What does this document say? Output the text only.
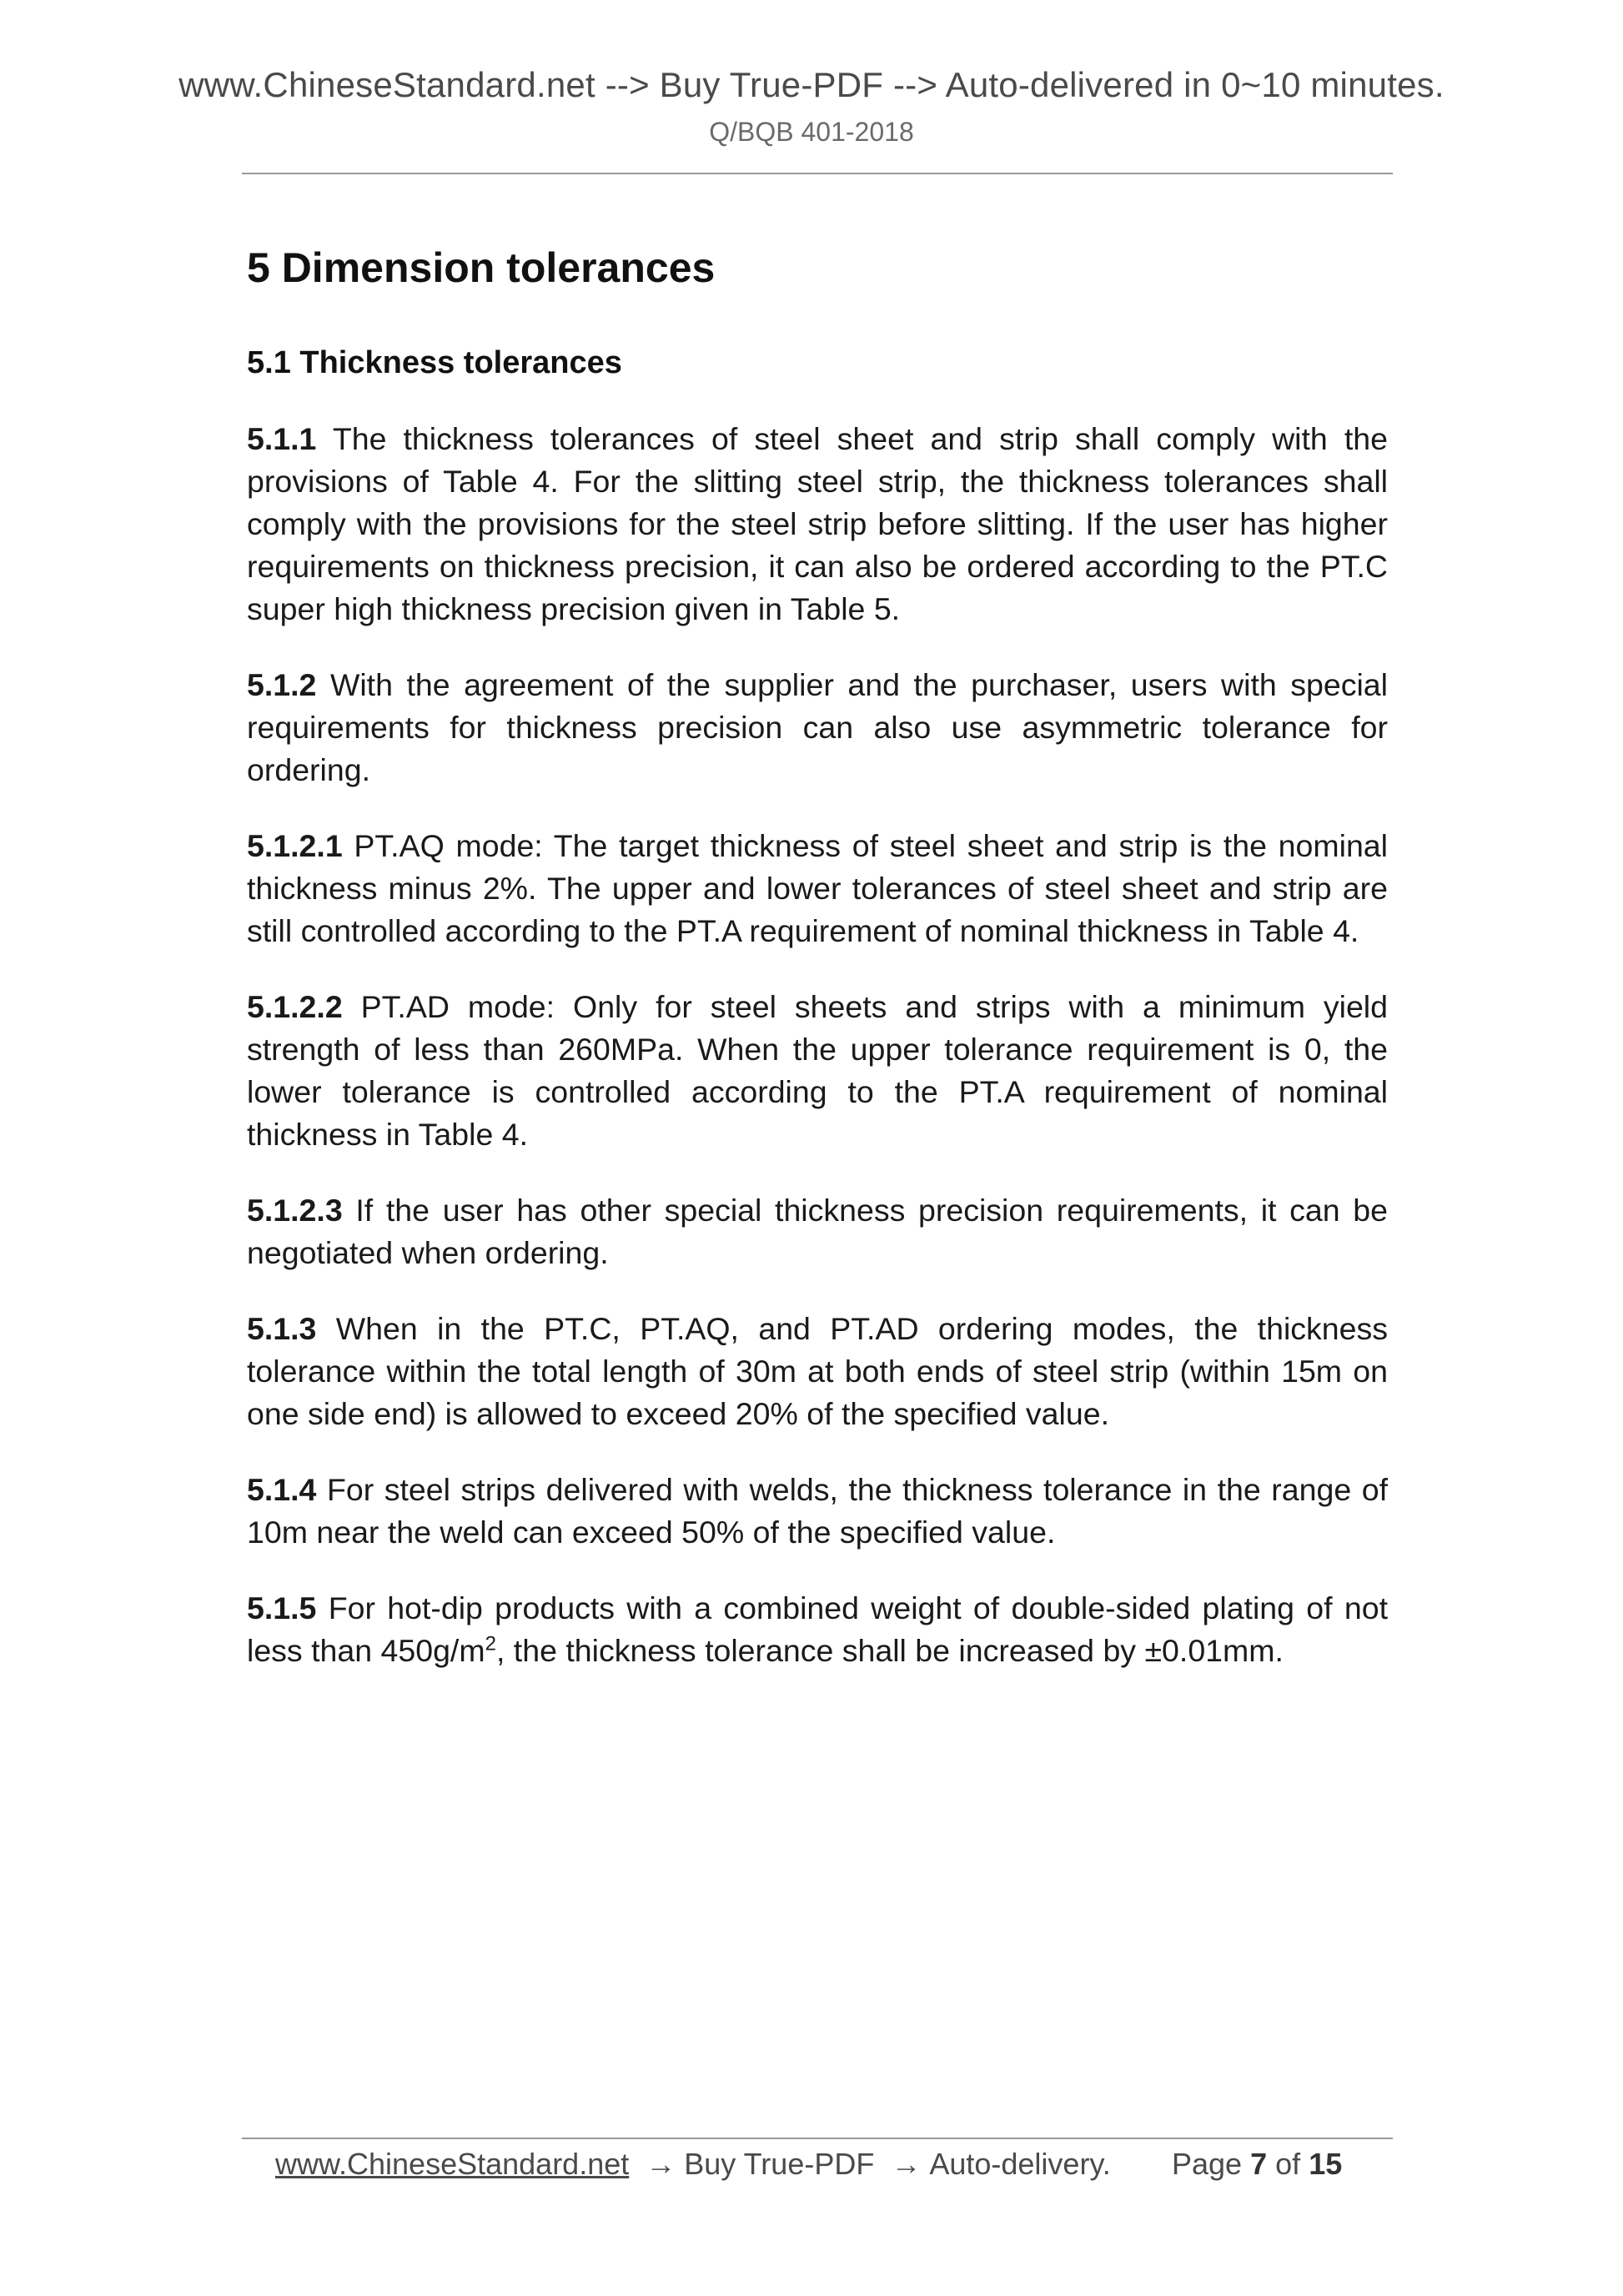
www.ChineseStandard.net --> Buy True-PDF --> Auto-delivered in 0~10 minutes.
Q/BQB 401-2018
5 Dimension tolerances
5.1 Thickness tolerances

5.1.1 The thickness tolerances of steel sheet and strip shall comply with the provisions of Table 4. For the slitting steel strip, the thickness tolerances shall comply with the provisions for the steel strip before slitting. If the user has higher requirements on thickness precision, it can also be ordered according to the PT.C super high thickness precision given in Table 5.

5.1.2 With the agreement of the supplier and the purchaser, users with special requirements for thickness precision can also use asymmetric tolerance for ordering.

5.1.2.1 PT.AQ mode: The target thickness of steel sheet and strip is the nominal thickness minus 2%. The upper and lower tolerances of steel sheet and strip are still controlled according to the PT.A requirement of nominal thickness in Table 4.

5.1.2.2 PT.AD mode: Only for steel sheets and strips with a minimum yield strength of less than 260MPa. When the upper tolerance requirement is 0, the lower tolerance is controlled according to the PT.A requirement of nominal thickness in Table 4.

5.1.2.3 If the user has other special thickness precision requirements, it can be negotiated when ordering.

5.1.3 When in the PT.C, PT.AQ, and PT.AD ordering modes, the thickness tolerance within the total length of 30m at both ends of steel strip (within 15m on one side end) is allowed to exceed 20% of the specified value.

5.1.4 For steel strips delivered with welds, the thickness tolerance in the range of 10m near the weld can exceed 50% of the specified value.

5.1.5 For hot-dip products with a combined weight of double-sided plating of not less than $450g/m^2$, the thickness tolerance shall be increased by ±0.01mm.

www.ChineseStandard.net → Buy True-PDF → Auto-delivery. Page 7 of 15
